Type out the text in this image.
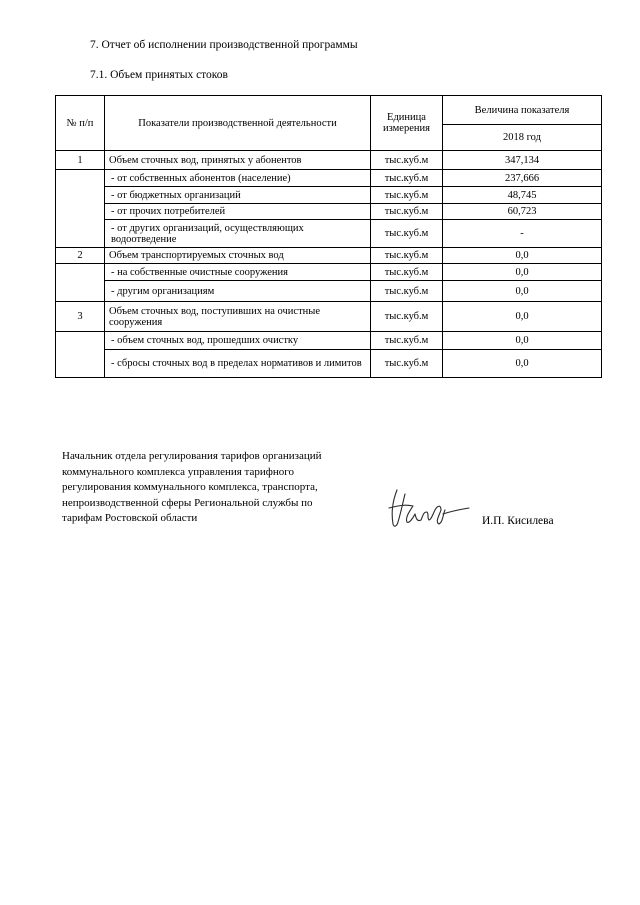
7. Отчет об исполнении производственной программы
7.1. Объем принятых стоков
№ п/п	Показатели производственной деятельности	Единица измерения	Величина показателя
			2018 год
1	Объем сточных вод, принятых у абонентов	тыс.куб.м	347,134
	- от собственных абонентов (население)	тыс.куб.м	237,666
	- от бюджетных организаций	тыс.куб.м	48,745
	- от прочих потребителей	тыс.куб.м	60,723
	- от других организаций, осуществляющих водоотведение	тыс.куб.м	-
2	Объем транспортируемых сточных вод	тыс.куб.м	0,0
	- на собственные очистные сооружения	тыс.куб.м	0,0
	- другим организациям	тыс.куб.м	0,0
3	Объем сточных вод, поступивших на очистные сооружения	тыс.куб.м	0,0
	- объем сточных вод, прошедших очистку	тыс.куб.м	0,0
	- сбросы сточных вод в пределах нормативов и лимитов	тыс.куб.м	0,0
Начальник отдела регулирования тарифов организаций
коммунального комплекса управления тарифного
регулирования коммунального комплекса, транспорта,
непроизводственной сферы Региональной службы по
тарифам Ростовской области	И.П. Кисилева
